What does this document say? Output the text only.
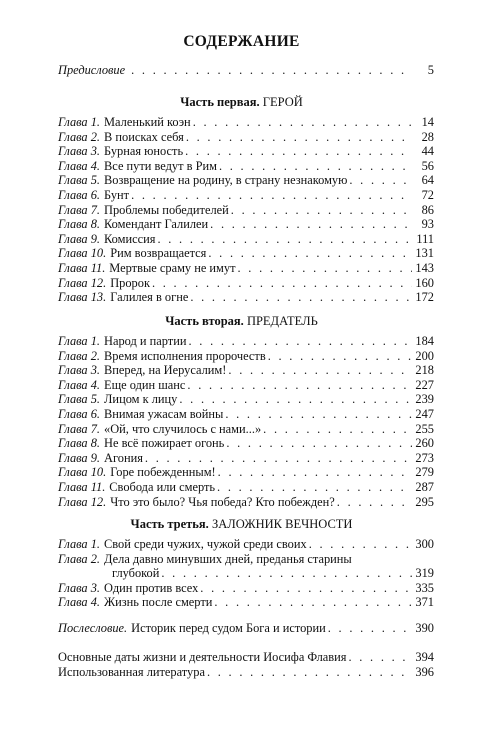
СОДЕРЖАНИЕ
Предисловие . . .	5
Часть первая. ГЕРОЙ
Глава 1. Маленький коэн . . .	14
Глава 2. В поисках себя . . .	28
Глава 3. Бурная юность . . .	44
Глава 4. Все пути ведут в Рим . . .	56
Глава 5. Возвращение на родину, в страну незнакомую . . .	64
Глава 6. Бунт . . .	72
Глава 7. Проблемы победителей . . .	86
Глава 8. Комендант Галилеи . . .	93
Глава 9. Комиссия . . .	111
Глава 10. Рим возвращается . . .	131
Глава 11. Мертвые сраму не имут . . .	143
Глава 12. Пророк . . .	160
Глава 13. Галилея в огне . . .	172
Часть вторая. ПРЕДАТЕЛЬ
Глава 1. Народ и партии . . .	184
Глава 2. Время исполнения пророчеств . . .	200
Глава 3. Вперед, на Иерусалим! . . .	218
Глава 4. Еще один шанс . . .	227
Глава 5. Лицом к лицу . . .	239
Глава 6. Внимая ужасам войны . . .	247
Глава 7. «Ой, что случилось с нами...» . . .	255
Глава 8. Не всё пожирает огонь . . .	260
Глава 9. Агония . . .	273
Глава 10. Горе побежденным! . . .	279
Глава 11. Свобода или смерть . . .	287
Глава 12. Что это было? Чья победа? Кто побежден? . . .	295
Часть третья. ЗАЛОЖНИК ВЕЧНОСТИ
Глава 1. Свой среди чужих, чужой среди своих . . .	300
Глава 2. Дела давно минувших дней, преданья старины
глубокой . . .	319
Глава 3. Один против всех . . .	335
Глава 4. Жизнь после смерти . . .	371
Послесловие. Историк перед судом Бога и истории . . .	390
Основные даты жизни и деятельности Иосифа Флавия . . .	394
Использованная литература . . .	396
